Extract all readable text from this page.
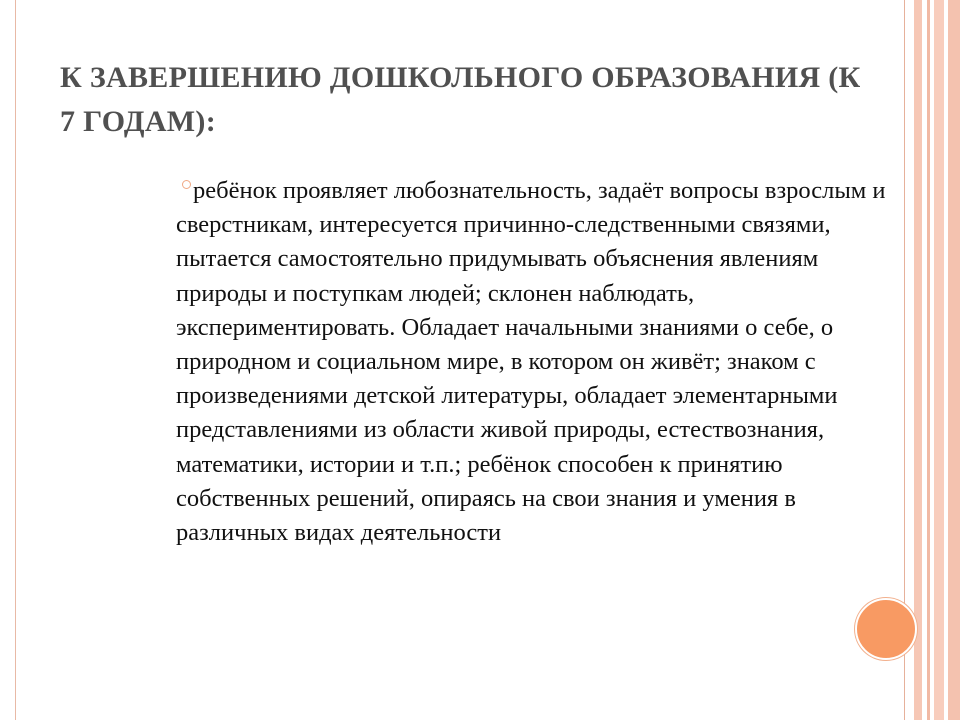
К ЗАВЕРШЕНИЮ ДОШКОЛЬНОГО ОБРАЗОВАНИЯ (К 7 ГОДАМ):

ребёнок проявляет любознательность, задаёт вопросы взрослым и сверстникам, интересуется причинно-следственными связями, пытается самостоятельно придумывать объяснения явлениям природы и поступкам людей; склонен наблюдать, экспериментировать. Обладает начальными знаниями о себе, о природном и социальном мире, в котором он живёт; знаком с произведениями детской литературы, обладает элементарными представлениями из области живой природы, естествознания, математики, истории и т.п.; ребёнок способен к принятию собственных решений, опираясь на свои знания и умения в различных видах деятельности
